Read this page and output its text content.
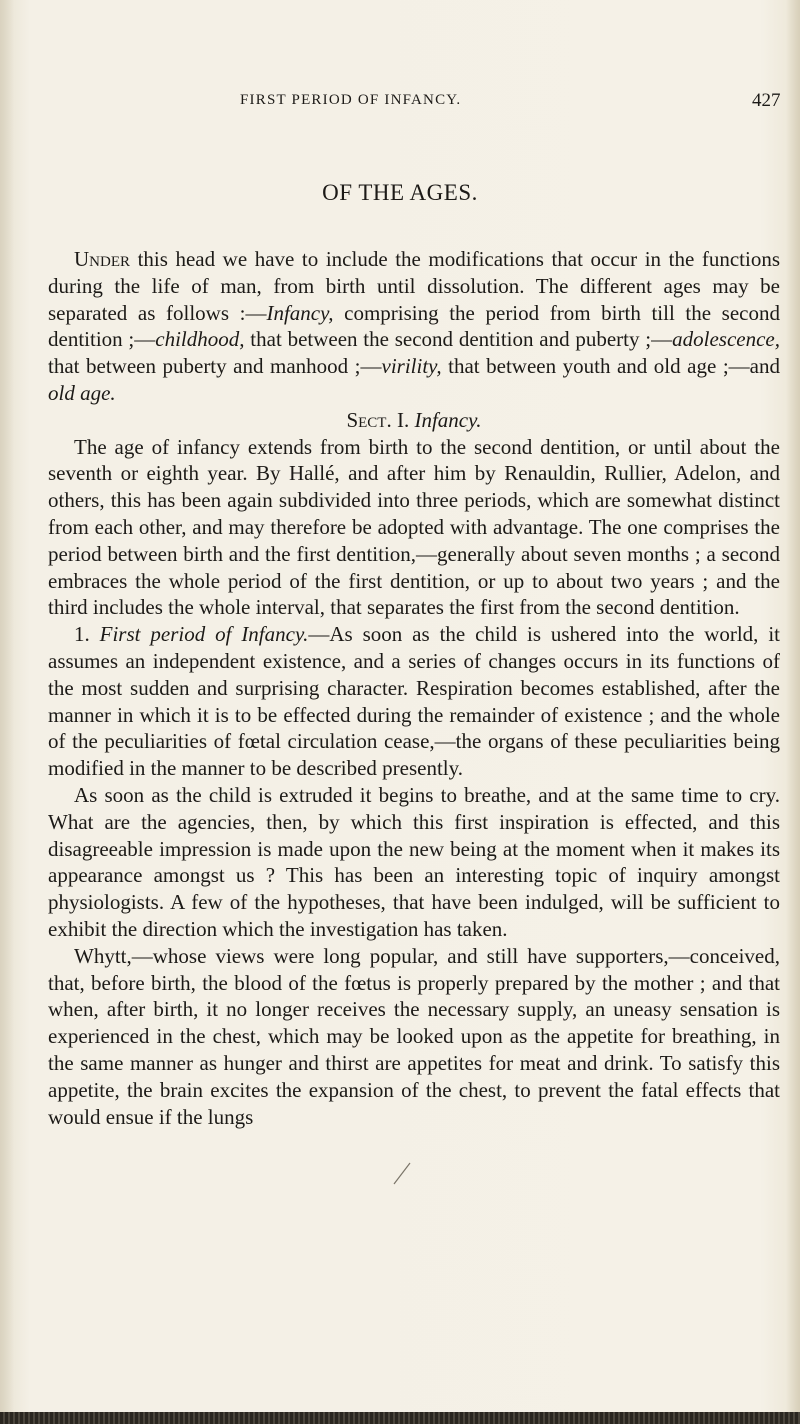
FIRST PERIOD OF INFANCY.	427
OF THE AGES.

Under this head we have to include the modifications that occur in the functions during the life of man, from birth until dissolution. The different ages may be separated as follows :—Infancy, comprising the period from birth till the second dentition ;—childhood, that between the second dentition and puberty ;—adolescence, that between puberty and manhood ;—virility, that between youth and old age ;—and old age.

Sect. I. Infancy.

The age of infancy extends from birth to the second dentition, or until about the seventh or eighth year. By Hallé, and after him by Renauldin, Rullier, Adelon, and others, this has been again subdivided into three periods, which are somewhat distinct from each other, and may therefore be adopted with advantage. The one comprises the period between birth and the first dentition,—generally about seven months ; a second embraces the whole period of the first dentition, or up to about two years ; and the third includes the whole interval, that separates the first from the second dentition.

1. First period of Infancy.—As soon as the child is ushered into the world, it assumes an independent existence, and a series of changes occurs in its functions of the most sudden and surprising character. Respiration becomes established, after the manner in which it is to be effected during the remainder of existence ; and the whole of the peculiarities of fœtal circulation cease,—the organs of these peculiarities being modified in the manner to be described presently.

As soon as the child is extruded it begins to breathe, and at the same time to cry. What are the agencies, then, by which this first inspiration is effected, and this disagreeable impression is made upon the new being at the moment when it makes its appearance amongst us ? This has been an interesting topic of inquiry amongst physiologists. A few of the hypotheses, that have been indulged, will be sufficient to exhibit the direction which the investigation has taken.

Whytt,—whose views were long popular, and still have supporters,—conceived, that, before birth, the blood of the fœtus is properly prepared by the mother ; and that when, after birth, it no longer receives the necessary supply, an uneasy sensation is experienced in the chest, which may be looked upon as the appetite for breathing, in the same manner as hunger and thirst are appetites for meat and drink. To satisfy this appetite, the brain excites the expansion of the chest, to prevent the fatal effects that would ensue if the lungs
